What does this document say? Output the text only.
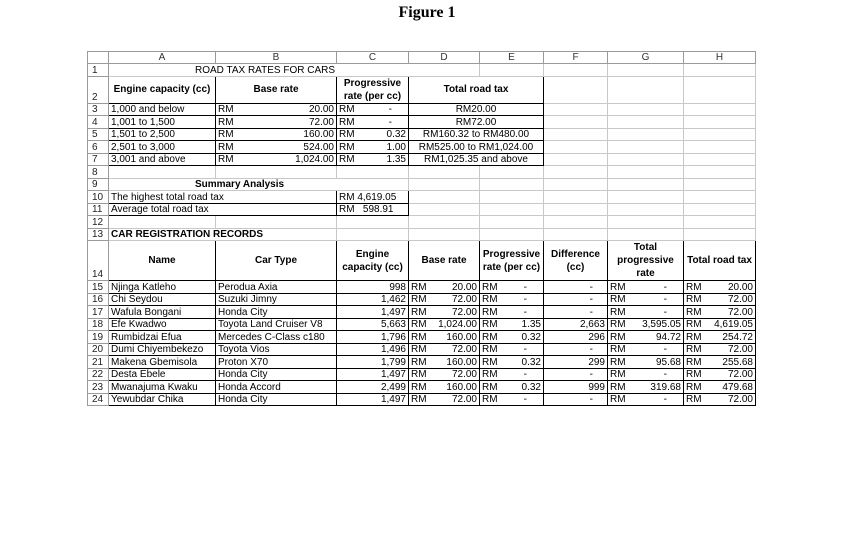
Figure 1
	A	B	C	D	E	F	G	H
1	ROAD TAX RATES FOR CARS							
2	Engine capacity (cc)	Base rate	Progressive rate (per cc)	Total road tax				
3	1,000 and below	RM 20.00	RM -	RM20.00				
4	1,001 to 1,500	RM 72.00	RM -	RM72.00				
5	1,501 to 2,500	RM 160.00	RM 0.32	RM160.32 to RM480.00				
6	2,501 to 3,000	RM 524.00	RM 1.00	RM525.00 to RM1,024.00				
7	3,001 and above	RM 1,024.00	RM 1.35	RM1,025.35 and above				
8								
9	Summary Analysis							
10	The highest total road tax		RM 4,619.05					
11	Average total road tax		RM   598.91					
12								
13	CAR REGISTRATION RECORDS							
14	Name	Car Type	Engine capacity (cc)	Base rate	Progressive rate (per cc)	Difference (cc)	Total progressive rate	Total road tax
15	Njinga Katleho	Perodua Axia	998	RM 20.00	RM -	-	RM -	RM 20.00

16	Chi Seydou	Suzuki Jimny	1,462	RM 72.00	RM -	-	RM -	RM 72.00

17	Wafula Bongani	Honda City	1,497	RM 72.00	RM -	-	RM -	RM 72.00

18	Efe Kwadwo	Toyota Land Cruiser V8	5,663	RM 1,024.00	RM 1.35	2,663	RM 3,595.05	RM 4,619.05

19	Rumbidzai Efua	Mercedes C-Class c180	1,796	RM 160.00	RM 0.32	296	RM 94.72	RM 254.72

20	Dumi Chiyembekezo	Toyota Vios	1,496	RM 72.00	RM -	-	RM -	RM 72.00

21	Makena Gbemisola	Proton X70	1,799	RM 160.00	RM 0.32	299	RM 95.68	RM 255.68

22	Desta Ebele	Honda City	1,497	RM 72.00	RM -	-	RM -	RM 72.00

23	Mwanajuma Kwaku	Honda Accord	2,499	RM 160.00	RM 0.32	999	RM 319.68	RM 479.68

24	Yewubdar Chika	Honda City	1,497	RM 72.00	RM -	-	RM -	RM 72.00
